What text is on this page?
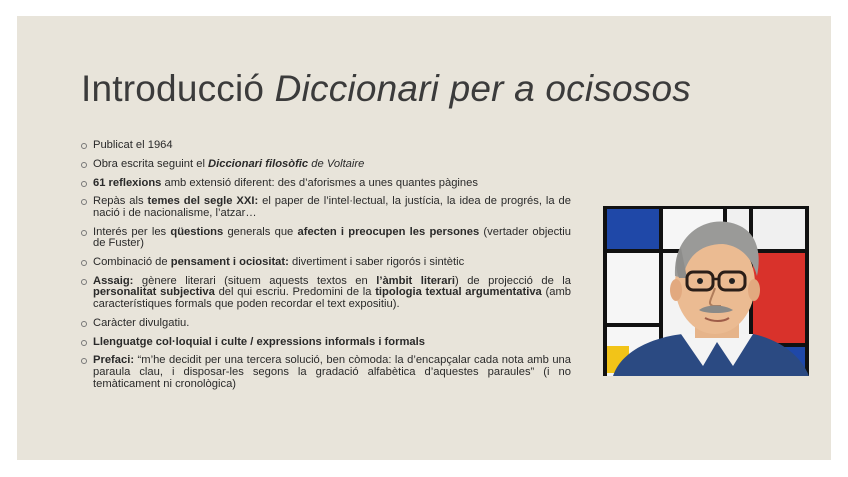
Introducció Diccionari per a ocisosos
Publicat el 1964
Obra escrita seguint el Diccionari filosòfic de Voltaire
61 reflexions amb extensió diferent: des d’aforismes a unes quantes pàgines
Repàs als temes del segle XXI: el paper de l’intel·lectual, la justícia, la idea de progrés, la de nació i de nacionalisme, l’atzar…
Interés per les qüestions generals que afecten i preocupen les persones (vertader objectiu de Fuster)
Combinació de pensament i ociositat: divertiment i saber rigorós i sintètic
Assaig: gènere literari (situem aquests textos en l’àmbit literari) de projecció de la personalitat subjectiva del qui escriu. Predomini de la tipologia textual argumentativa (amb característiques formals que poden recordar el text expositiu).
Caràcter divulgatiu.
Llenguatge col·loquial i culte / expressions informals i formals
Prefaci: “m’he decidit per una tercera solució, ben còmoda: la d’encapçalar cada nota amb una paraula clau, i disposar-les segons la gradació alfabètica d’aquestes paraules” (i no temàticament ni cronològica)
